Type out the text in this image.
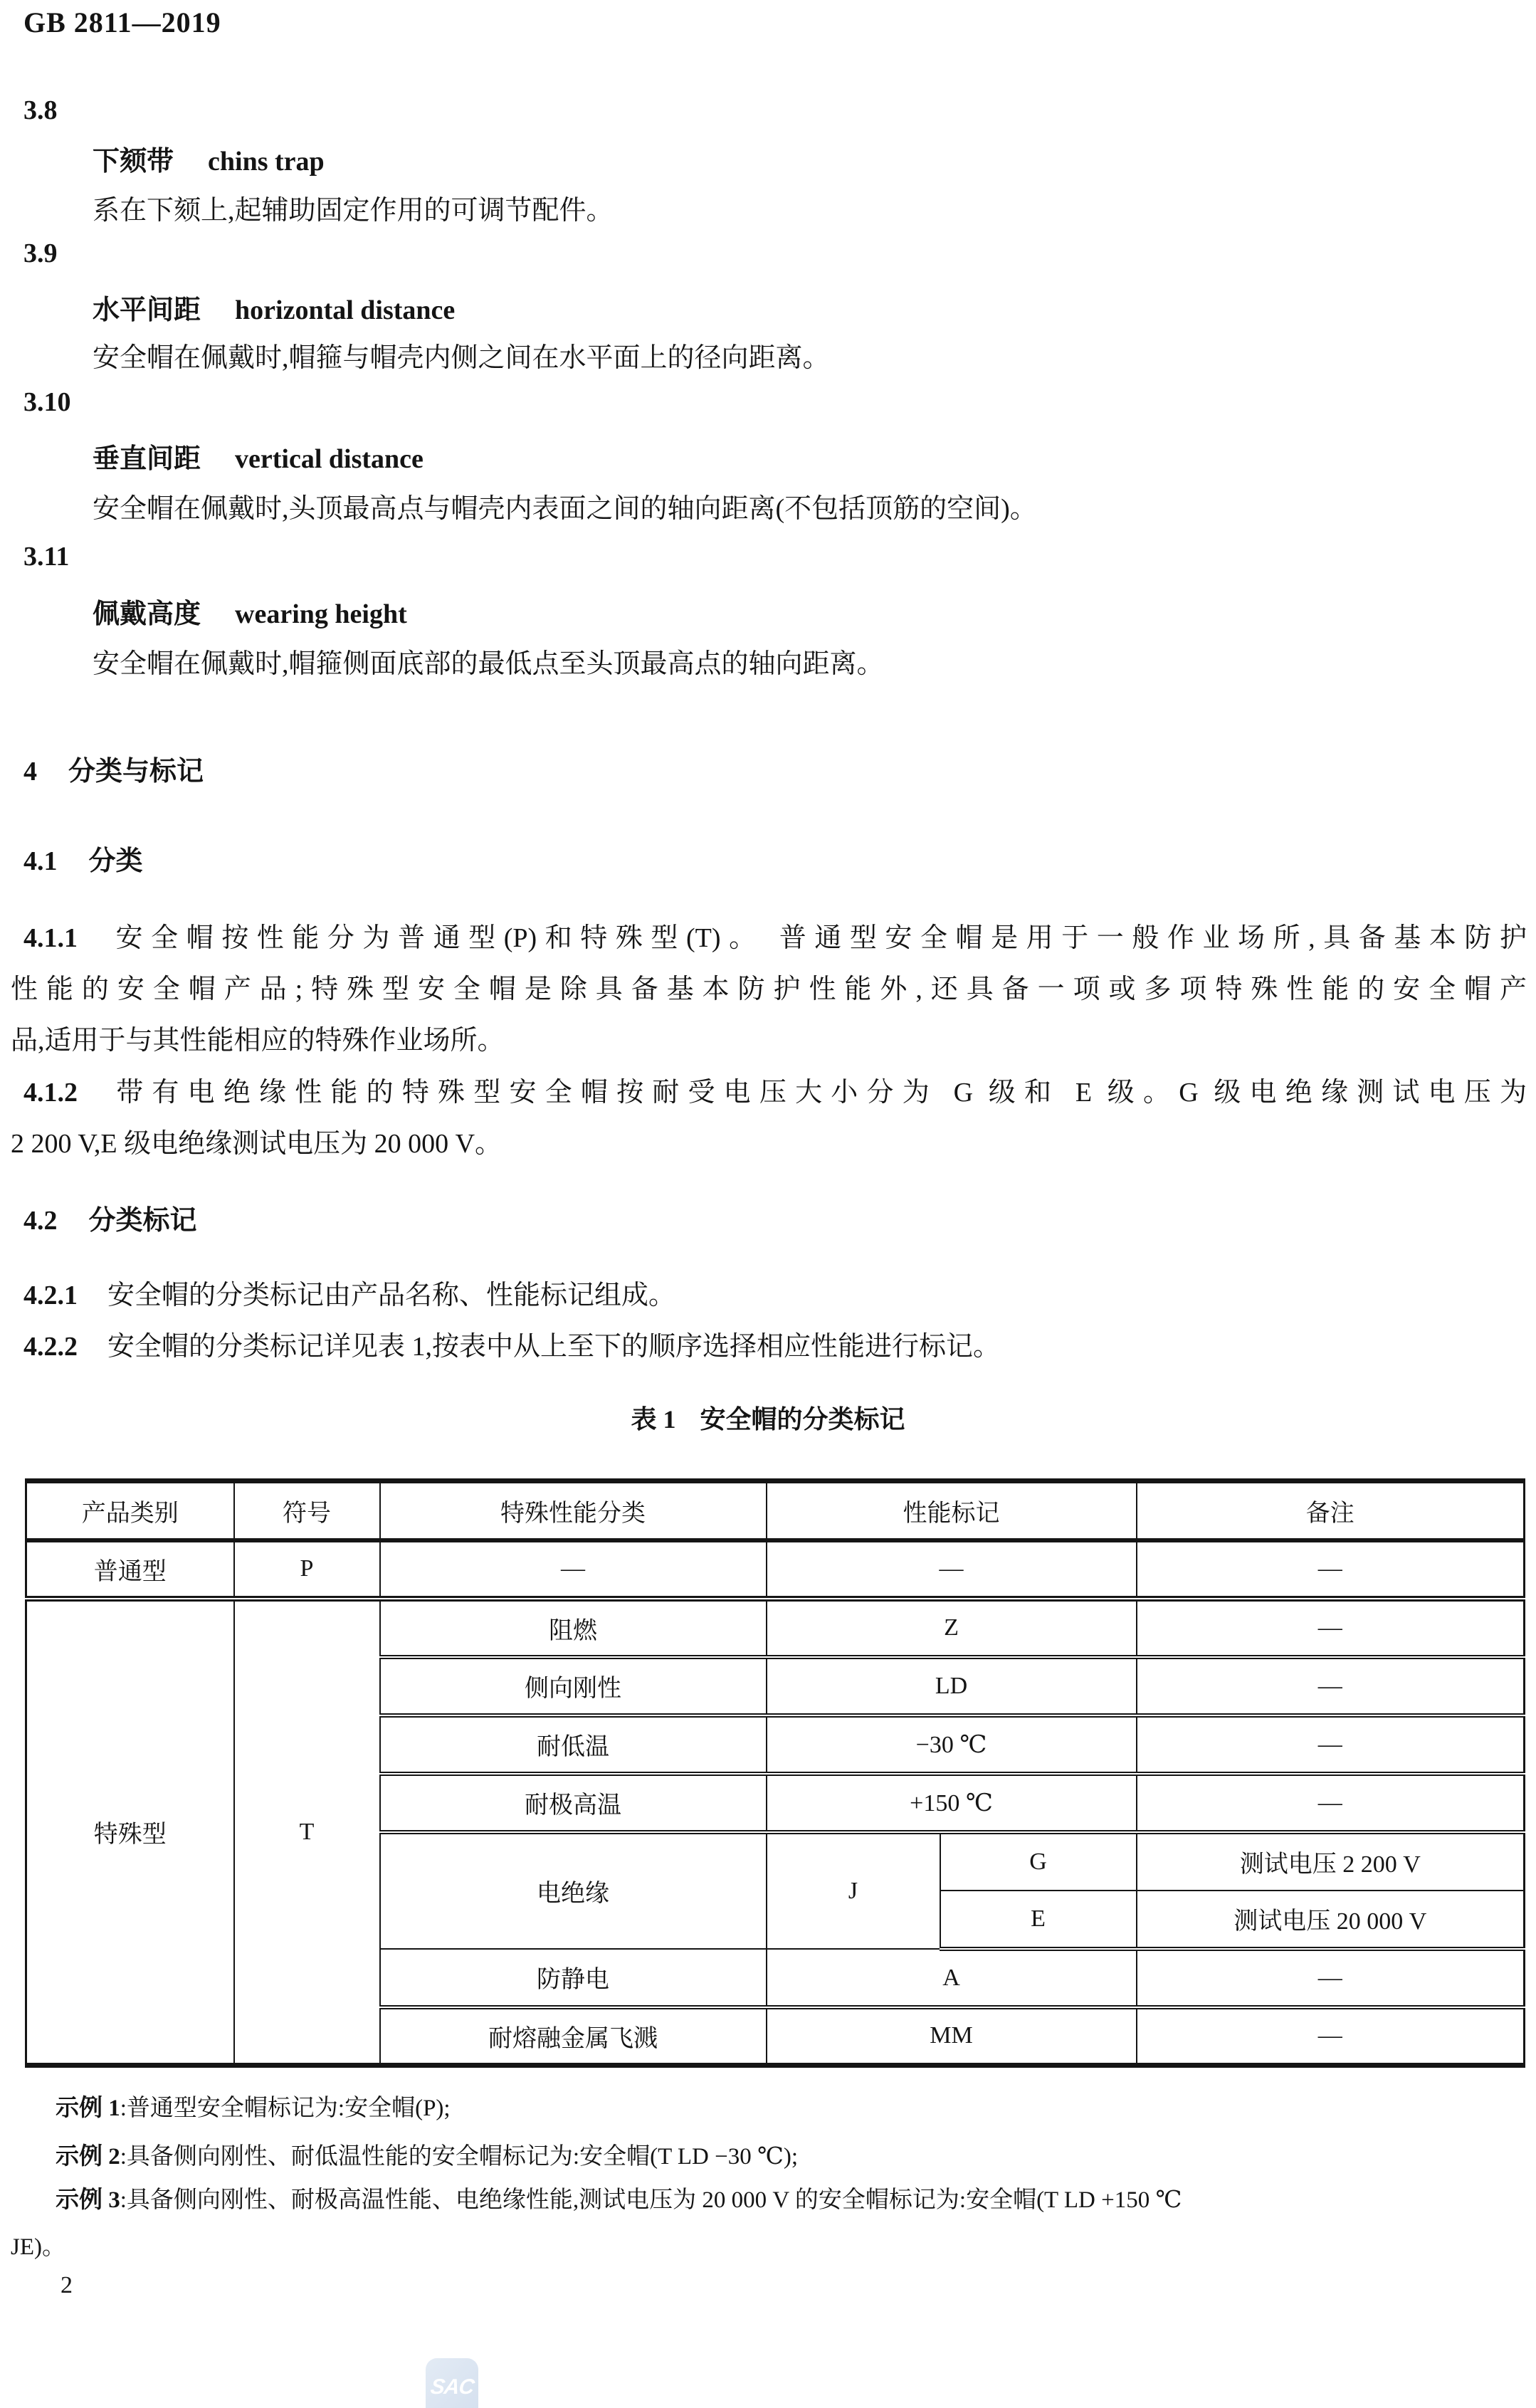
GB 2811—2019
3.8
下颏带 chins trap
系在下颏上,起辅助固定作用的可调节配件。
3.9
水平间距 horizontal distance
安全帽在佩戴时,帽箍与帽壳内侧之间在水平面上的径向距离。
3.10
垂直间距 vertical distance
安全帽在佩戴时,头顶最高点与帽壳内表面之间的轴向距离(不包括顶筋的空间)。
3.11
佩戴高度 wearing height
安全帽在佩戴时,帽箍侧面底部的最低点至头顶最高点的轴向距离。
4 分类与标记
4.1 分类
4.1.1 安全帽按性能分为普通型(P)和特殊型(T)。 普通型安全帽是用于一般作业场所,具备基本防护
性能的安全帽产品;特殊型安全帽是除具备基本防护性能外,还具备一项或多项特殊性能的安全帽产
品,适用于与其性能相应的特殊作业场所。
4.1.2 带有电绝缘性能的特殊型安全帽按耐受电压大小分为 G 级和 E 级。G 级电绝缘测试电压为
2 200 V,E 级电绝缘测试电压为 20 000 V。
4.2 分类标记
4.2.1 安全帽的分类标记由产品名称、性能标记组成。
4.2.2 安全帽的分类标记详见表 1,按表中从上至下的顺序选择相应性能进行标记。
表 1 安全帽的分类标记
产品类别	符号	特殊性能分类	性能标记		备注
普通型	P	—	—		—
特殊型	T	阻燃	Z		—
		侧向刚性	LD		—
		耐低温	−30 ℃		—
		耐极高温	+150 ℃		—
		电绝缘	J	G	测试电压 2 200 V
				E	测试电压 20 000 V
		防静电	A		—
		耐熔融金属飞溅	MM		—
示例 1:普通型安全帽标记为:安全帽(P);
示例 2:具备侧向刚性、耐低温性能的安全帽标记为:安全帽(T LD −30 ℃);
示例 3:具备侧向刚性、耐极高温性能、电绝缘性能,测试电压为 20 000 V 的安全帽标记为:安全帽(T LD +150 ℃
JE)。
2
SAC
